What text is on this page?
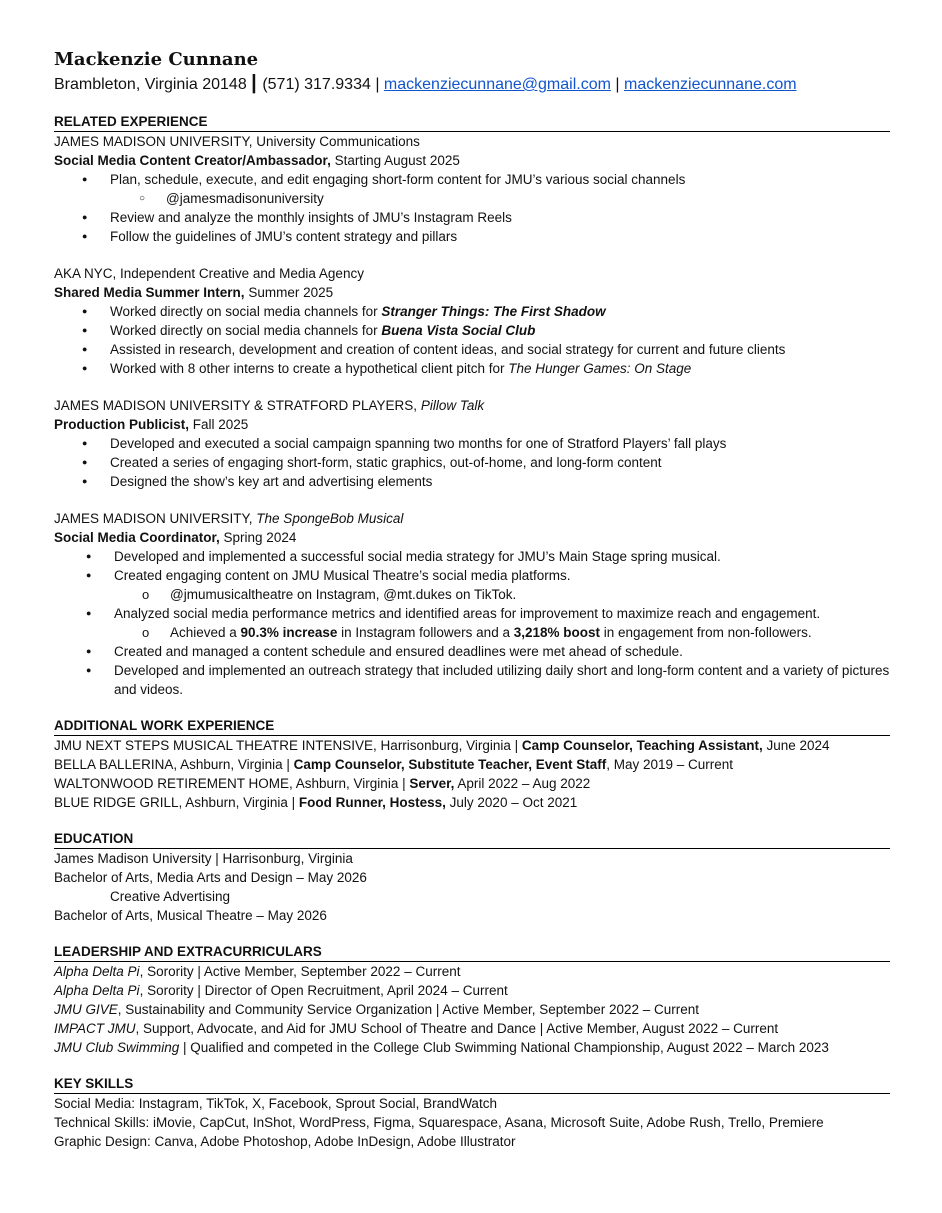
Mackenzie Cunnane
Brambleton, Virginia 20148 | (571) 317.9334 | mackenziecunnane@gmail.com | mackenziecunnane.com
RELATED EXPERIENCE
JAMES MADISON UNIVERSITY, University Communications
Social Media Content Creator/Ambassador, Starting August 2025
● Plan, schedule, execute, and edit engaging short-form content for JMU’s various social channels
○ @jamesmadisonuniversity
● Review and analyze the monthly insights of JMU’s Instagram Reels
● Follow the guidelines of JMU’s content strategy and pillars
AKA NYC, Independent Creative and Media Agency
Shared Media Summer Intern, Summer 2025
● Worked directly on social media channels for Stranger Things: The First Shadow
● Worked directly on social media channels for Buena Vista Social Club
● Assisted in research, development and creation of content ideas, and social strategy for current and future clients
● Worked with 8 other interns to create a hypothetical client pitch for The Hunger Games: On Stage
JAMES MADISON UNIVERSITY & STRATFORD PLAYERS, Pillow Talk
Production Publicist, Fall 2025
● Developed and executed a social campaign spanning two months for one of Stratford Players’ fall plays
● Created a series of engaging short-form, static graphics, out-of-home, and long-form content
● Designed the show’s key art and advertising elements
JAMES MADISON UNIVERSITY, The SpongeBob Musical
Social Media Coordinator, Spring 2024
● Developed and implemented a successful social media strategy for JMU’s Main Stage spring musical.
● Created engaging content on JMU Musical Theatre’s social media platforms.
o @jmumusicaltheatre on Instagram, @mt.dukes on TikTok.
● Analyzed social media performance metrics and identified areas for improvement to maximize reach and engagement.
o Achieved a 90.3% increase in Instagram followers and a 3,218% boost in engagement from non-followers.
● Created and managed a content schedule and ensured deadlines were met ahead of schedule.
● Developed and implemented an outreach strategy that included utilizing daily short and long-form content and a variety of pictures and videos.
ADDITIONAL WORK EXPERIENCE
JMU NEXT STEPS MUSICAL THEATRE INTENSIVE, Harrisonburg, Virginia | Camp Counselor, Teaching Assistant, June 2024
BELLA BALLERINA, Ashburn, Virginia | Camp Counselor, Substitute Teacher, Event Staff, May 2019 – Current
WALTONWOOD RETIREMENT HOME, Ashburn, Virginia | Server, April 2022 – Aug 2022
BLUE RIDGE GRILL, Ashburn, Virginia | Food Runner, Hostess, July 2020 – Oct 2021
EDUCATION
James Madison University | Harrisonburg, Virginia
Bachelor of Arts, Media Arts and Design – May 2026
Creative Advertising
Bachelor of Arts, Musical Theatre – May 2026
LEADERSHIP AND EXTRACURRICULARS
Alpha Delta Pi, Sorority | Active Member, September 2022 – Current
Alpha Delta Pi, Sorority | Director of Open Recruitment, April 2024 – Current
JMU GIVE, Sustainability and Community Service Organization | Active Member, September 2022 – Current
IMPACT JMU, Support, Advocate, and Aid for JMU School of Theatre and Dance | Active Member, August 2022 – Current
JMU Club Swimming | Qualified and competed in the College Club Swimming National Championship, August 2022 – March 2023
KEY SKILLS
Social Media: Instagram, TikTok, X, Facebook, Sprout Social, BrandWatch
Technical Skills: iMovie, CapCut, InShot, WordPress, Figma, Squarespace, Asana, Microsoft Suite, Adobe Rush, Trello, Premiere
Graphic Design: Canva, Adobe Photoshop, Adobe InDesign, Adobe Illustrator
